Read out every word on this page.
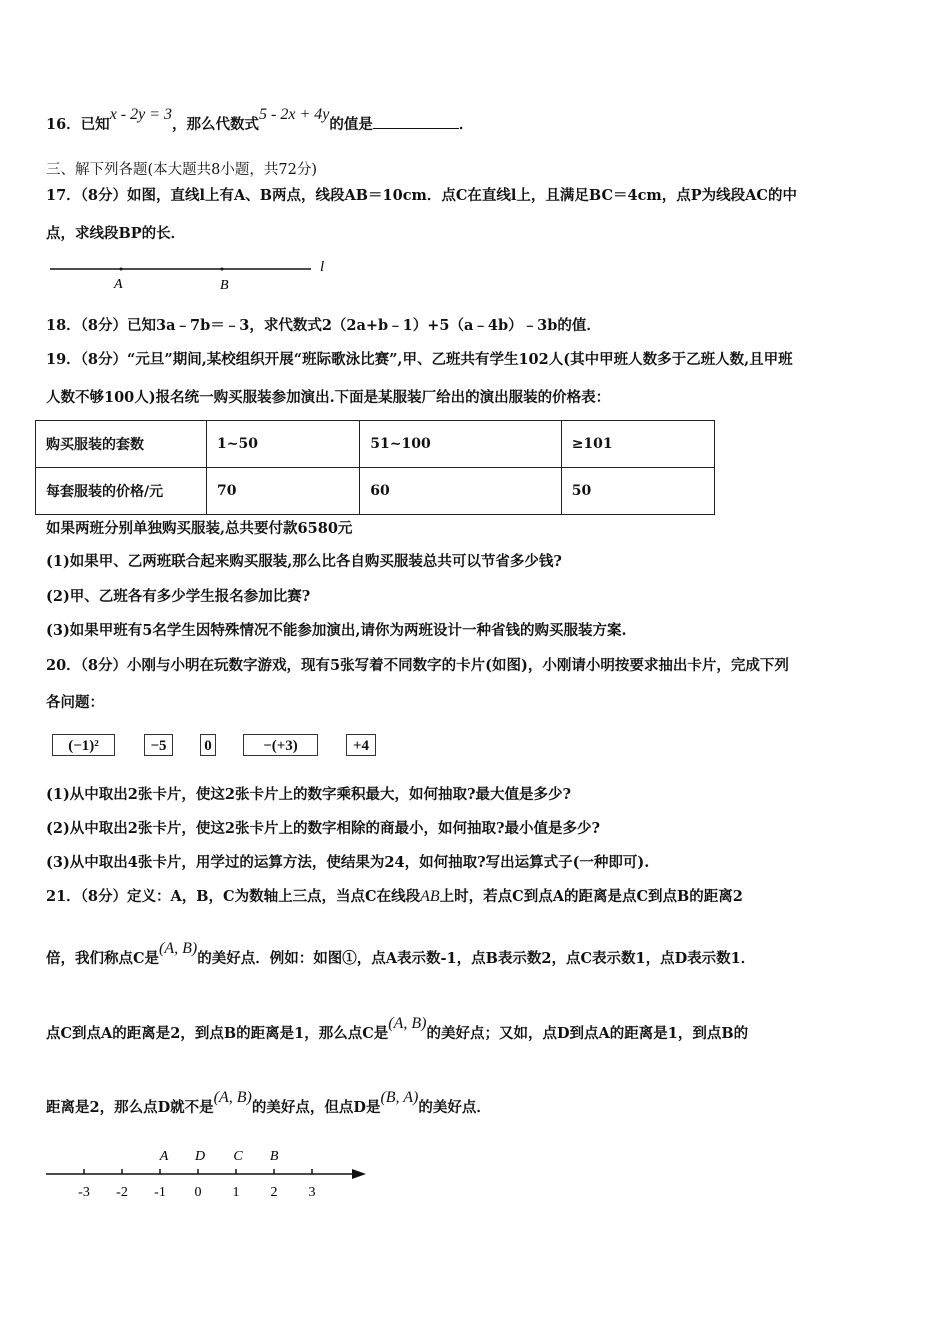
16．已知x - 2y = 3，那么代数式5 - 2x + 4y的值是	．
三、解下列各题(本大题共8小题，共72分)
17．（8分）如图，直线l上有A、B两点，线段AB＝10cm．点C在直线l上，且满足BC＝4cm，点P为线段AC的中
点，求线段BP的长．
A	B
l
18．（8分）已知3a﹣7b＝﹣3，求代数式2（2a+b﹣1）+5（a﹣4b）﹣3b的值．
19．（8分）“元旦”期间,某校组织开展“班际歌泳比赛”,甲、乙班共有学生102人(其中甲班人数多于乙班人数,且甲班
人数不够100人)报名统一购买服装参加演出.下面是某服装厂给出的演出服装的价格表：
购买服装的套数	1~50	51~100	≥101
每套服装的价格/元	70	60	50
如果两班分别单独购买服装,总共要付款6580元
(1)如果甲、乙两班联合起来购买服装,那么比各自购买服装总共可以节省多少钱?
(2)甲、乙班各有多少学生报名参加比赛?
(3)如果甲班有5名学生因特殊情况不能参加演出,请你为两班设计一种省钱的购买服装方案.
20．（8分）小刚与小明在玩数字游戏，现有5张写着不同数字的卡片(如图)，小刚请小明按要求抽出卡片，完成下列
各问题：
(−1)²	−5	0	−(+3)	+4
(1)从中取出2张卡片，使这2张卡片上的数字乘积最大，如何抽取?最大值是多少?
(2)从中取出2张卡片，使这2张卡片上的数字相除的商最小，如何抽取?最小值是多少?
(3)从中取出4张卡片，用学过的运算方法，使结果为24，如何抽取?写出运算式子(一种即可).
21．（8分）定义：A，B，C为数轴上三点，当点C在线段AB上时，若点C到点A的距离是点C到点B的距离2
倍，我们称点C是(A, B)的美好点．例如：如图①，点A表示数-1，点B表示数2，点C表示数1，点D表示数1．
点C到点A的距离是2，到点B的距离是1，那么点C是(A, B)的美好点；又如，点D到点A的距离是1，到点B的
距离是2，那么点D就不是(A, B)的美好点，但点D是(B, A)的美好点．
-3 -2 -1 0 1 2 3
A D C B
